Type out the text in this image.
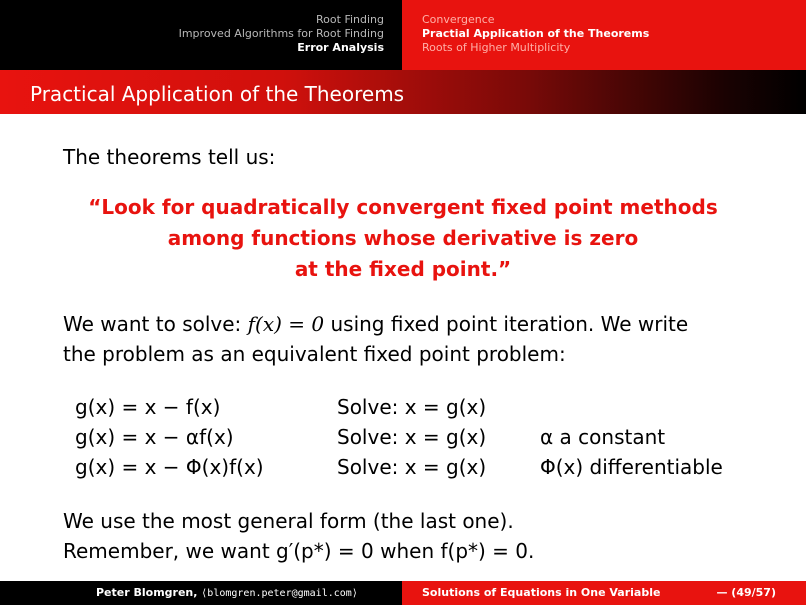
Root Finding
Improved Algorithms for Root Finding
Error Analysis
Convergence
Practial Application of the Theorems
Roots of Higher Multiplicity
Practical Application of the Theorems
The theorems tell us:
“Look for quadratically convergent fixed point methods
among functions whose derivative is zero
at the fixed point.”
We want to solve: f(x) = 0 using fixed point iteration. We write
the problem as an equivalent fixed point problem:
g(x) = x − f(x)	Solve: x = g(x)
g(x) = x − αf(x)	Solve: x = g(x)	α a constant
g(x) = x − Φ(x)f(x)	Solve: x = g(x)	Φ(x) differentiable
We use the most general form (the last one).
Remember, we want g′(p*) = 0 when f(p*) = 0.
Peter Blomgren, ⟨blomgren.peter@gmail.com⟩	Solutions of Equations in One Variable	— (49/57)
